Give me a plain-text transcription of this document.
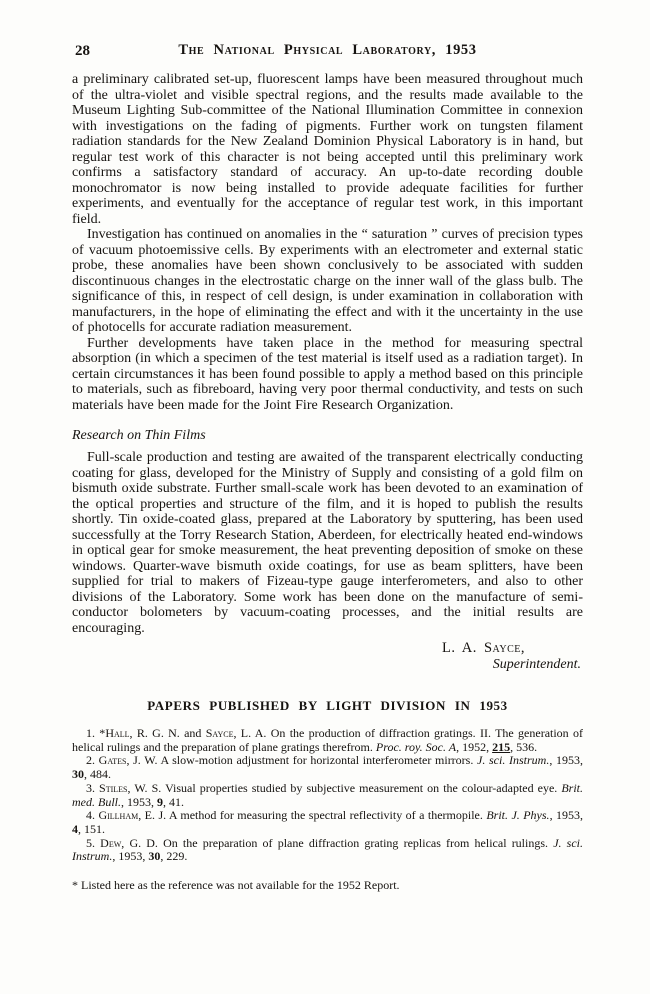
28	The National Physical Laboratory, 1953

a preliminary calibrated set-up, fluorescent lamps have been measured throughout much of the ultra-violet and visible spectral regions, and the results made available to the Museum Lighting Sub-committee of the National Illumination Committee in connexion with investigations on the fading of pigments. Further work on tungsten filament radiation standards for the New Zealand Dominion Physical Laboratory is in hand, but regular test work of this character is not being accepted until this preliminary work confirms a satisfactory standard of accuracy. An up-to-date recording double monochromator is now being installed to provide adequate facilities for further experiments, and eventually for the acceptance of regular test work, in this important field.

Investigation has continued on anomalies in the “ saturation ” curves of precision types of vacuum photoemissive cells. By experiments with an electrometer and external static probe, these anomalies have been shown conclusively to be associated with sudden discontinuous changes in the electrostatic charge on the inner wall of the glass bulb. The significance of this, in respect of cell design, is under examination in collaboration with manufacturers, in the hope of eliminating the effect and with it the uncertainty in the use of photocells for accurate radiation measurement.

Further developments have taken place in the method for measuring spectral absorption (in which a specimen of the test material is itself used as a radiation target). In certain circumstances it has been found possible to apply a method based on this principle to materials, such as fibreboard, having very poor thermal conductivity, and tests on such materials have been made for the Joint Fire Research Organization.

Research on Thin Films

Full-scale production and testing are awaited of the transparent electrically conducting coating for glass, developed for the Ministry of Supply and consisting of a gold film on bismuth oxide substrate. Further small-scale work has been devoted to an examination of the optical properties and structure of the film, and it is hoped to publish the results shortly. Tin oxide-coated glass, prepared at the Laboratory by sputtering, has been used successfully at the Torry Research Station, Aberdeen, for electrically heated end-windows in optical gear for smoke measurement, the heat preventing deposition of smoke on these windows. Quarter-wave bismuth oxide coatings, for use as beam splitters, have been supplied for trial to makers of Fizeau-type gauge interferometers, and also to other divisions of the Laboratory. Some work has been done on the manufacture of semi-conductor bolometers by vacuum-coating processes, and the initial results are encouraging.

L. A. Sayce,
Superintendent.
PAPERS PUBLISHED BY LIGHT DIVISION IN 1953

1. *Hall, R. G. N. and Sayce, L. A. On the production of diffraction gratings. II. The generation of helical rulings and the preparation of plane gratings therefrom. Proc. roy. Soc. A, 1952, 215, 536.

2. Gates, J. W. A slow-motion adjustment for horizontal interferometer mirrors. J. sci. Instrum., 1953, 30, 484.

3. Stiles, W. S. Visual properties studied by subjective measurement on the colour-adapted eye. Brit. med. Bull., 1953, 9, 41.

4. Gillham, E. J. A method for measuring the spectral reflectivity of a thermopile. Brit. J. Phys., 1953, 4, 151.

5. Dew, G. D. On the preparation of plane diffraction grating replicas from helical rulings. J. sci. Instrum., 1953, 30, 229.

* Listed here as the reference was not available for the 1952 Report.
